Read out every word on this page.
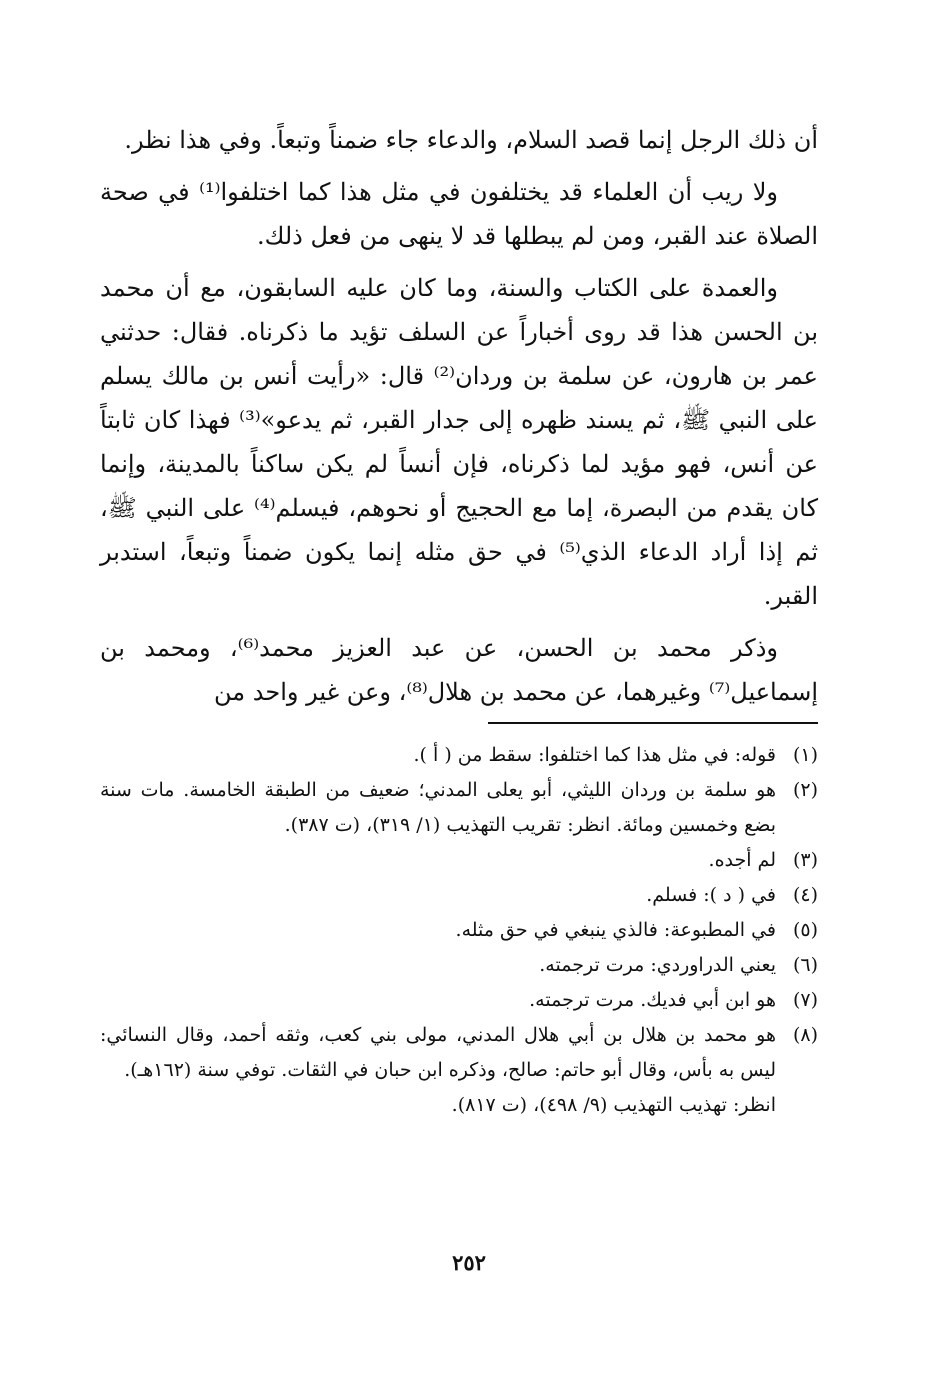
أن ذلك الرجل إنما قصد السلام، والدعاء جاء ضمناً وتبعاً. وفي هذا نظر.

ولا ريب أن العلماء قد يختلفون في مثل هذا كما اختلفوا⁽¹⁾ في صحة الصلاة عند القبر، ومن لم يبطلها قد لا ينهى من فعل ذلك.

والعمدة على الكتاب والسنة، وما كان عليه السابقون، مع أن محمد بن الحسن هذا قد روى أخباراً عن السلف تؤيد ما ذكرناه. فقال: حدثني عمر بن هارون، عن سلمة بن وردان⁽²⁾ قال: «رأيت أنس بن مالك يسلم على النبي ﷺ، ثم يسند ظهره إلى جدار القبر، ثم يدعو»⁽³⁾ فهذا كان ثابتاً عن أنس، فهو مؤيد لما ذكرناه، فإن أنساً لم يكن ساكناً بالمدينة، وإنما كان يقدم من البصرة، إما مع الحجيج أو نحوهم، فيسلم⁽⁴⁾ على النبي ﷺ، ثم إذا أراد الدعاء الذي⁽⁵⁾ في حق مثله إنما يكون ضمناً وتبعاً، استدبر القبر.

وذكر محمد بن الحسن، عن عبد العزيز محمد⁽⁶⁾، ومحمد بن إسماعيل⁽⁷⁾ وغيرهما، عن محمد بن هلال⁽⁸⁾، وعن غير واحد من

(١)
قوله: في مثل هذا كما اختلفوا: سقط من ( أ ).
(٢)
هو سلمة بن وردان الليثي، أبو يعلى المدني؛ ضعيف من الطبقة الخامسة. مات سنة بضع وخمسين ومائة. انظر: تقريب التهذيب (١/ ٣١٩)، (ت ٣٨٧).
(٣)
لم أجده.
(٤)
في ( د ): فسلم.
(٥)
في المطبوعة: فالذي ينبغي في حق مثله.
(٦)
يعني الدراوردي: مرت ترجمته.
(٧)
هو ابن أبي فديك. مرت ترجمته.
(٨)
هو محمد بن هلال بن أبي هلال المدني، مولى بني كعب، وثقه أحمد، وقال النسائي: ليس به بأس، وقال أبو حاتم: صالح، وذكره ابن حبان في الثقات. توفي سنة (١٦٢هـ).
انظر: تهذيب التهذيب (٩/ ٤٩٨)، (ت ٨١٧).
٢٥٢
